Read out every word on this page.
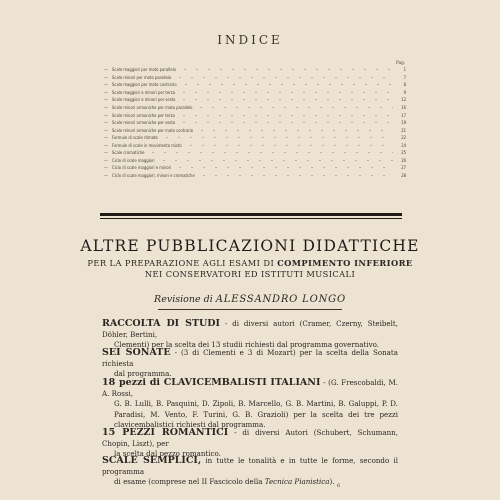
INDICE
Pag.
—	Scale maggiori per moto parallelo	1
—	Scale minori per moto parallelo	7
—	Scale maggiori per moto contrario	8
—	Scale maggiori e minori per terza	9
—	Scale maggiori e minori per sesta	12
—	Scale minori armoniche per moto parallelo	16
—	Scale minori armoniche per terza	17
—	Scale minori armoniche per sesta	19
—	Scale minori armoniche per moto contrario	21
—	Formule di scale ritmate	22
—	Formule di scale in movimento misto	24
—	Scale cromatiche	25
—	Ciclo di scale maggiori	26
—	Ciclo di scale maggiori e minori	27
—	Ciclo di scale maggiori, minori e cromatiche	28
ALTRE PUBBLICAZIONI DIDATTICHE
PER LA PREPARAZIONE AGLI ESAMI DI COMPIMENTO INFERIORE
NEI CONSERVATORI ED ISTITUTI MUSICALI
Revisione di ALESSANDRO LONGO
RACCOLTA DI STUDI - di diversi autori (Cramer, Czerny, Steibelt, Döhler, Bertini,
Clementi) per la scelta dei 13 studii richiesti dal programma governativo.
SEI SONATE - (3 di Clementi e 3 di Mozart) per la scelta della Sonata richiesta
dal programma.
18 pezzi di CLAVICEMBALISTI ITALIANI - (G. Frescobaldi, M. A. Rossi,
G. B. Lulli, B. Pasquini, D. Zipoli, B. Marcello, G. B. Martini, B. Galuppi, P. D. Paradisi, M. Vento, F. Turini, G. B. Grazioli) per la scelta dei tre pezzi clavicembalistici richiesti dal programma.
15 PEZZI ROMANTICI - di diversi Autori (Schubert, Schumann, Chopin, Liszt), per
la scelta dal pezzo romantico.
SCALE SEMPLICI, in tutte le tonalità e in tutte le forme, secondo il programma
di esame (comprese nel II Fascicolo della Tecnica Pianistica). 6
